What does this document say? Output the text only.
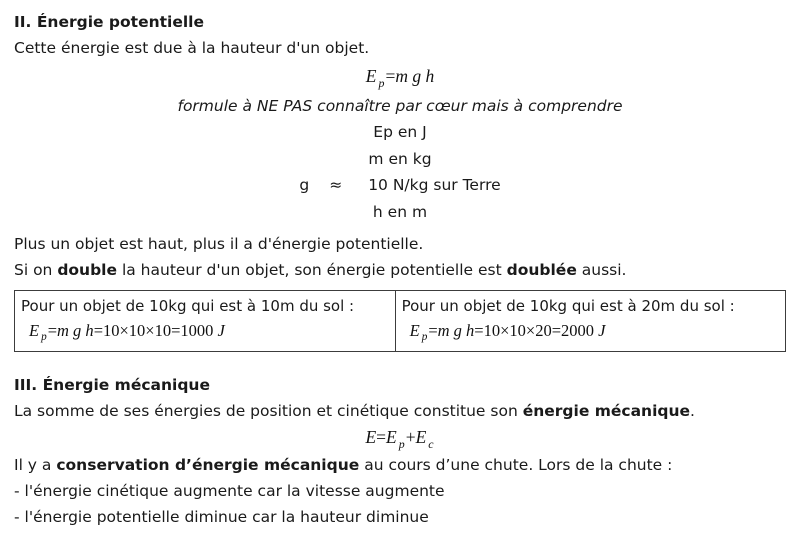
II. Énergie potentielle
Cette énergie est due à la hauteur d'un objet.
E $_p$=m g h
formule à NE PAS connaître par cœur mais à comprendre
Ep en J
m en kg
g ≈ 10 N/kg sur Terre
h en m
Plus un objet est haut, plus il a d'énergie potentielle.
Si on double la hauteur d'un objet, son énergie potentielle est doublée aussi.
Pour un objet de 10kg qui est à 10m du sol :
E $_p$=m g h=10×10×10=1000 J
Pour un objet de 10kg qui est à 20m du sol :
E $_p$=m g h=10×10×20=2000 J
III. Énergie mécanique
La somme de ses énergies de position et cinétique constitue son énergie mécanique.
E=E $_p$+E $_c$
Il y a conservation d’énergie mécanique au cours d’une chute. Lors de la chute :
- l'énergie cinétique augmente car la vitesse augmente
- l'énergie potentielle diminue car la hauteur diminue
